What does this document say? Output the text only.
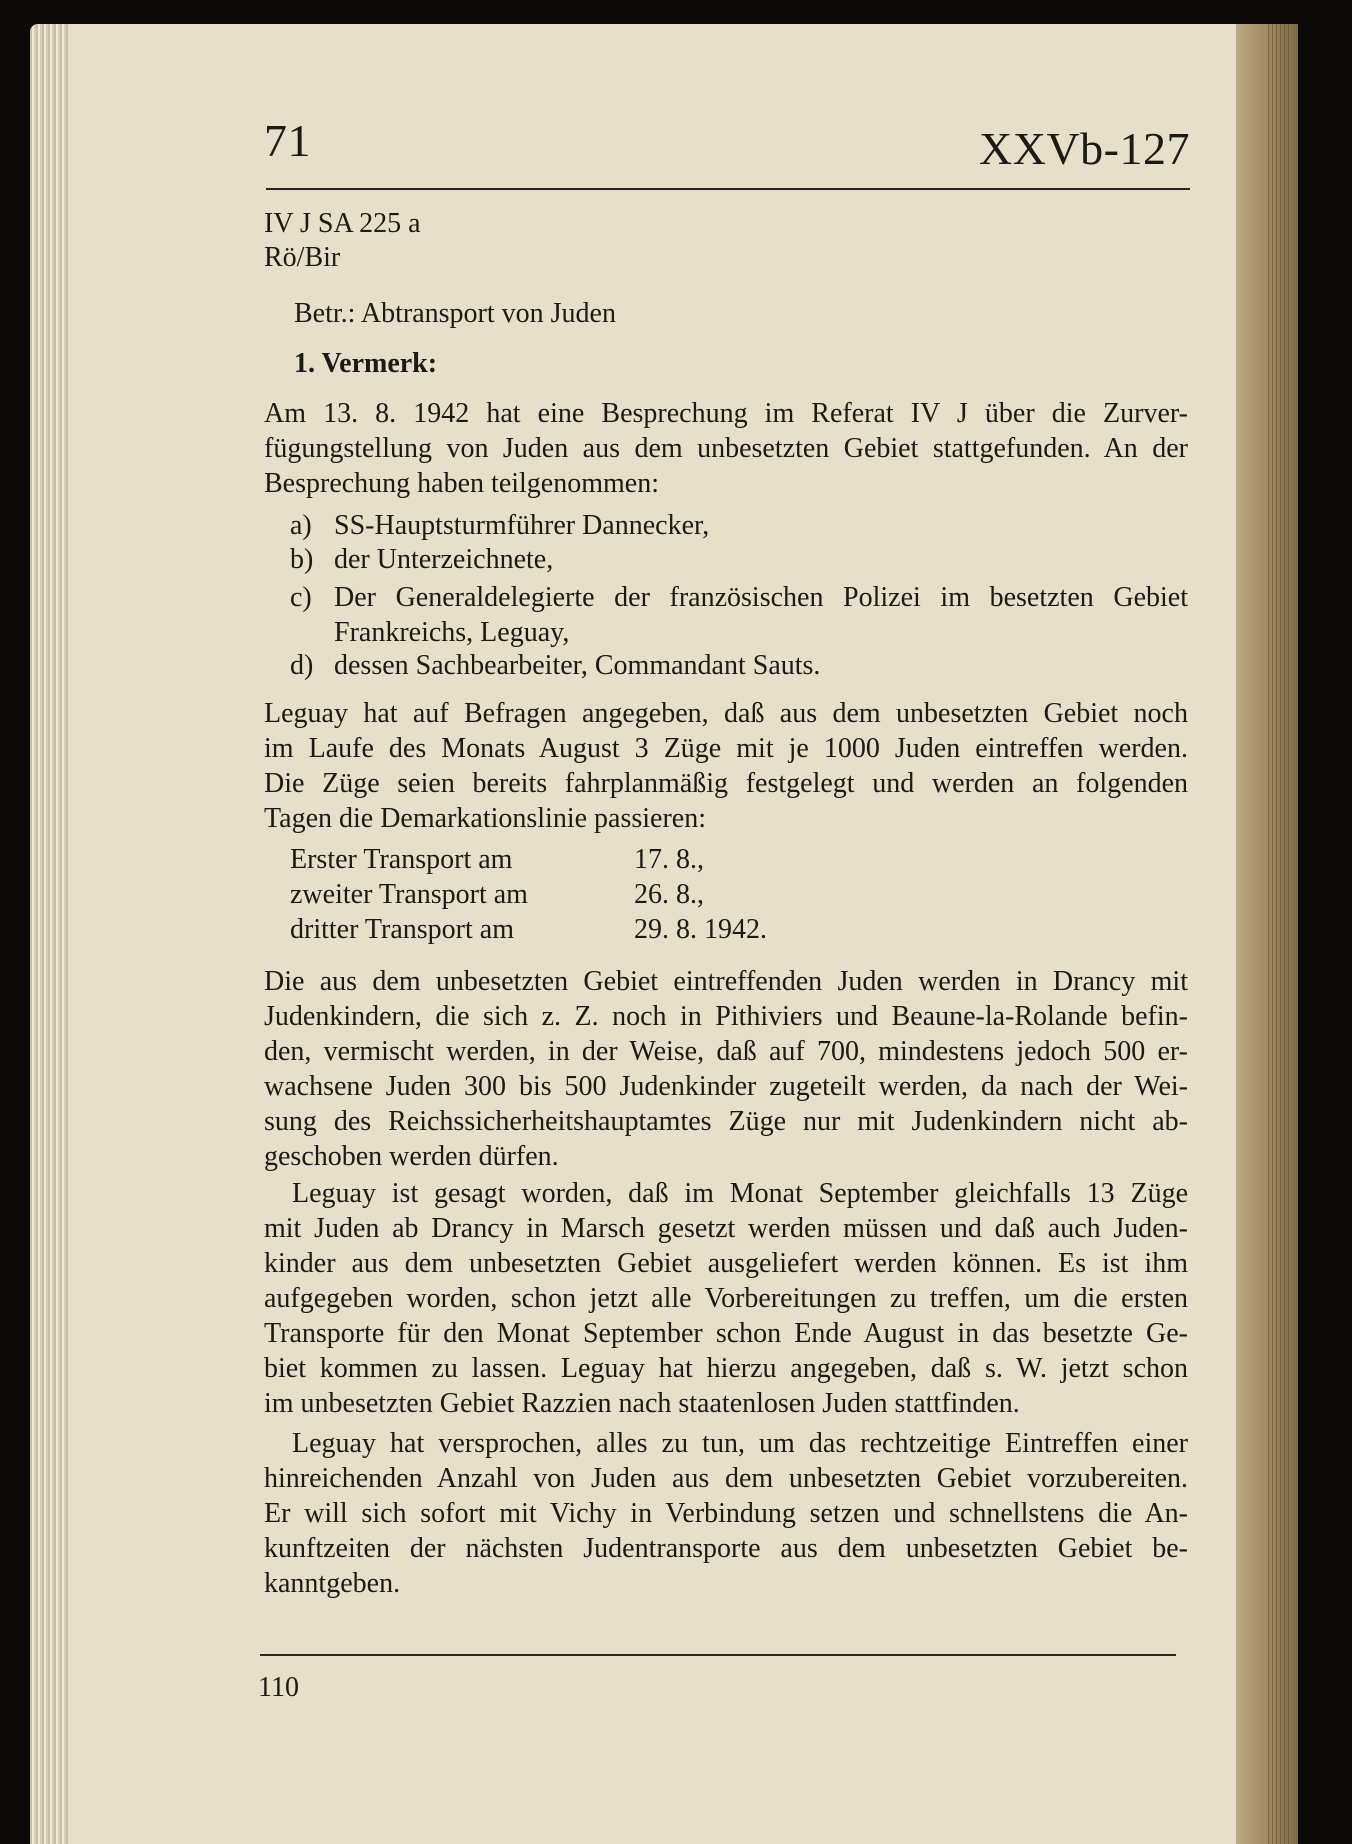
71	XXVb-127
IV J SA 225 a
Rö/Bir
Betr.: Abtransport von Juden
1. Vermerk:
Am 13. 8. 1942 hat eine Besprechung im Referat IV J über die Zurver-
fügungstellung von Juden aus dem unbesetzten Gebiet stattgefunden. An der
Besprechung haben teilgenommen:
a) SS-Hauptsturmführer Dannecker,
b) der Unterzeichnete,
c) Der Generaldelegierte der französischen Polizei im besetzten Gebiet
Frankreichs, Leguay,
d) dessen Sachbearbeiter, Commandant Sauts.
Leguay hat auf Befragen angegeben, daß aus dem unbesetzten Gebiet noch
im Laufe des Monats August 3 Züge mit je 1000 Juden eintreffen werden.
Die Züge seien bereits fahrplanmäßig festgelegt und werden an folgenden
Tagen die Demarkationslinie passieren:
Erster Transport am	17. 8.,
zweiter Transport am	26. 8.,
dritter Transport am	29. 8. 1942.
Die aus dem unbesetzten Gebiet eintreffenden Juden werden in Drancy mit
Judenkindern, die sich z. Z. noch in Pithiviers und Beaune-la-Rolande befin-
den, vermischt werden, in der Weise, daß auf 700, mindestens jedoch 500 er-
wachsene Juden 300 bis 500 Judenkinder zugeteilt werden, da nach der Wei-
sung des Reichssicherheitshauptamtes Züge nur mit Judenkindern nicht ab-
geschoben werden dürfen.
Leguay ist gesagt worden, daß im Monat September gleichfalls 13 Züge
mit Juden ab Drancy in Marsch gesetzt werden müssen und daß auch Juden-
kinder aus dem unbesetzten Gebiet ausgeliefert werden können. Es ist ihm
aufgegeben worden, schon jetzt alle Vorbereitungen zu treffen, um die ersten
Transporte für den Monat September schon Ende August in das besetzte Ge-
biet kommen zu lassen. Leguay hat hierzu angegeben, daß s. W. jetzt schon
im unbesetzten Gebiet Razzien nach staatenlosen Juden stattfinden.
Leguay hat versprochen, alles zu tun, um das rechtzeitige Eintreffen einer
hinreichenden Anzahl von Juden aus dem unbesetzten Gebiet vorzubereiten.
Er will sich sofort mit Vichy in Verbindung setzen und schnellstens die An-
kunftzeiten der nächsten Judentransporte aus dem unbesetzten Gebiet be-
kanntgeben.
110
